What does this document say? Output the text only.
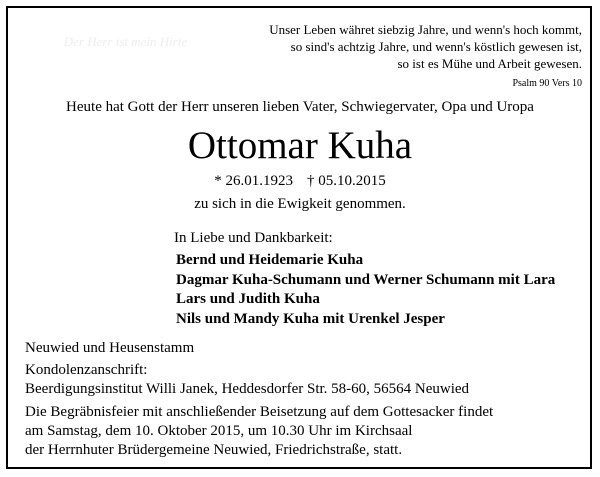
Der Herr ist mein Hirte
Unser Leben währet siebzig Jahre, und wenn's hoch kommt,
so sind's achtzig Jahre, und wenn's köstlich gewesen ist,
so ist es Mühe und Arbeit gewesen.
Psalm 90 Vers 10
Heute hat Gott der Herr unseren lieben Vater, Schwiegervater, Opa und Uropa
Ottomar Kuha
* 26.01.1923 † 05.10.2015
zu sich in die Ewigkeit genommen.
In Liebe und Dankbarkeit:
Bernd und Heidemarie Kuha
Dagmar Kuha-Schumann und Werner Schumann mit Lara
Lars und Judith Kuha
Nils und Mandy Kuha mit Urenkel Jesper
Neuwied und Heusenstamm
Kondolenzanschrift:
Beerdigungsinstitut Willi Janek, Heddesdorfer Str. 58-60, 56564 Neuwied
Die Begräbnisfeier mit anschließender Beisetzung auf dem Gottesacker findet
am Samstag, dem 10. Oktober 2015, um 10.30 Uhr im Kirchsaal
der Herrnhuter Brüdergemeine Neuwied, Friedrichstraße, statt.
